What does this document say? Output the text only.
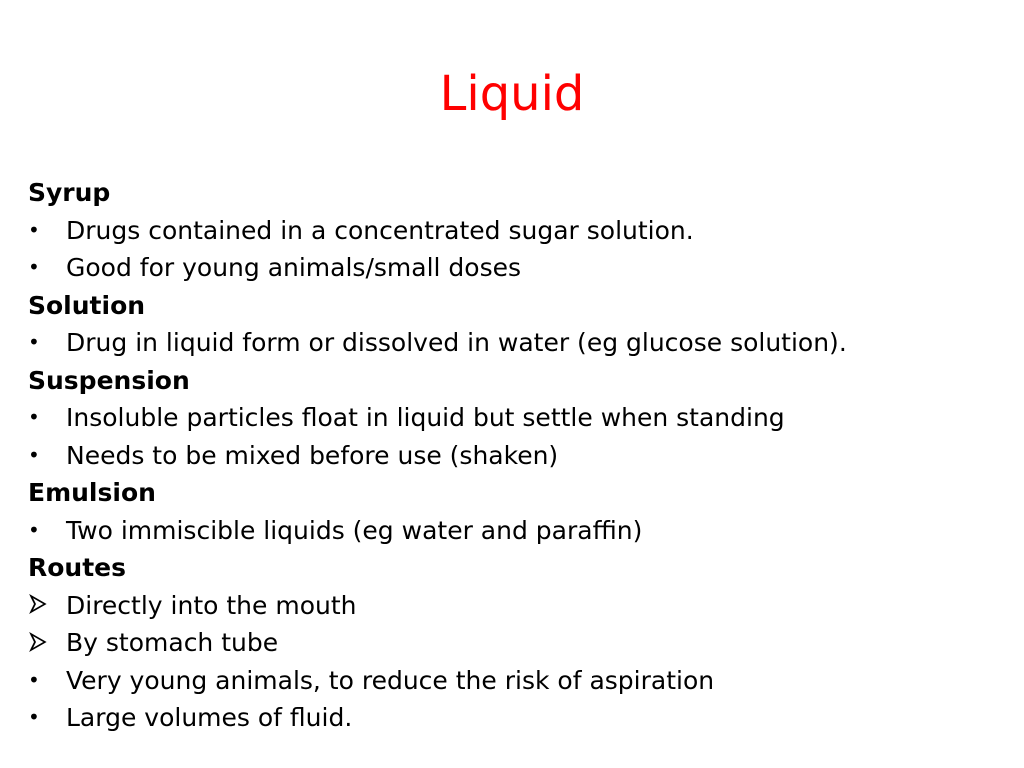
Liquid
Syrup
•	Drugs contained in a concentrated sugar solution.
•	Good for young animals/small doses
Solution
•	Drug in liquid form or dissolved in water (eg glucose solution).
Suspension
•	Insoluble particles float in liquid but settle when standing
•	Needs to be mixed before use (shaken)
Emulsion
•	Two immiscible liquids (eg water and paraffin)
Routes
Directly into the mouth
By stomach tube
•	Very young animals, to reduce the risk of aspiration
•	Large volumes of fluid.
